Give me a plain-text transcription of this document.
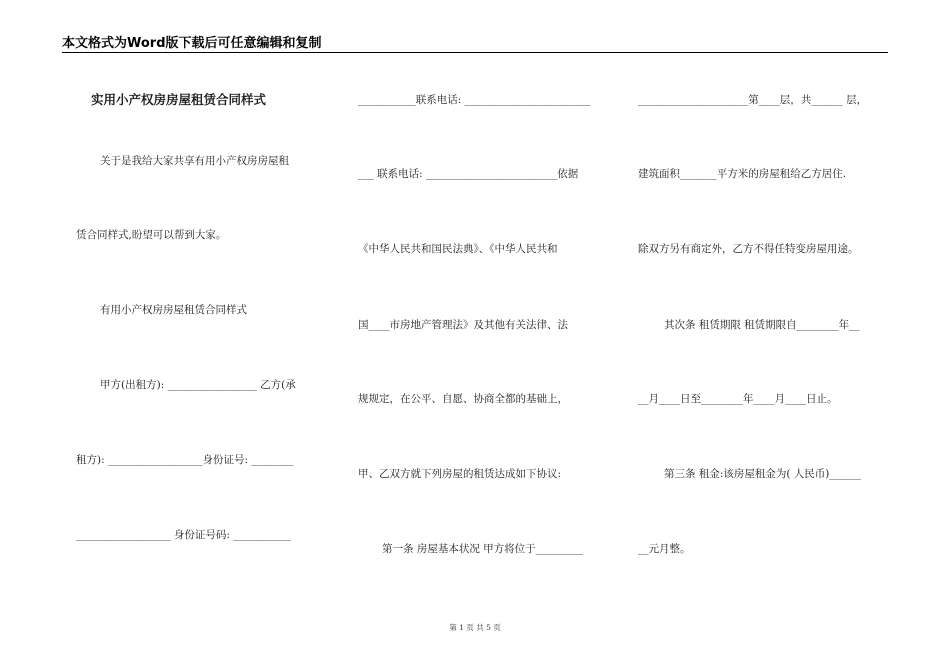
本文格式为Word版下载后可任意编辑和复制
实用小产权房房屋租赁合同样式
关于是我给大家共享有用小产权房房屋租
赁合同样式,盼望可以帮到大家。
有用小产权房房屋租赁合同样式
甲方(出租方): _________________ 乙方(承
租方): __________________身份证号: ________
__________________ 身份证号码: ___________
___________联系电话: ________________________
___ 联系电话: _________________________依据
《中华人民共和国民法典》、《中华人民共和
国____市房地产管理法》及其他有关法律、法
规规定，在公平、自愿、协商全都的基础上，
甲、乙双方就下列房屋的租赁达成如下协议:
第一条 房屋基本状况 甲方将位于_________
_____________________第____层，共______ 层，
建筑面积_______平方米的房屋租给乙方居住.
除双方另有商定外，乙方不得任特变房屋用途。
其次条 租赁期限 租赁期限自________年__
__月____日至________年____月____日止。
第三条 租金:该房屋租金为( 人民币)______
__元月整。
第 1 页 共 5 页
